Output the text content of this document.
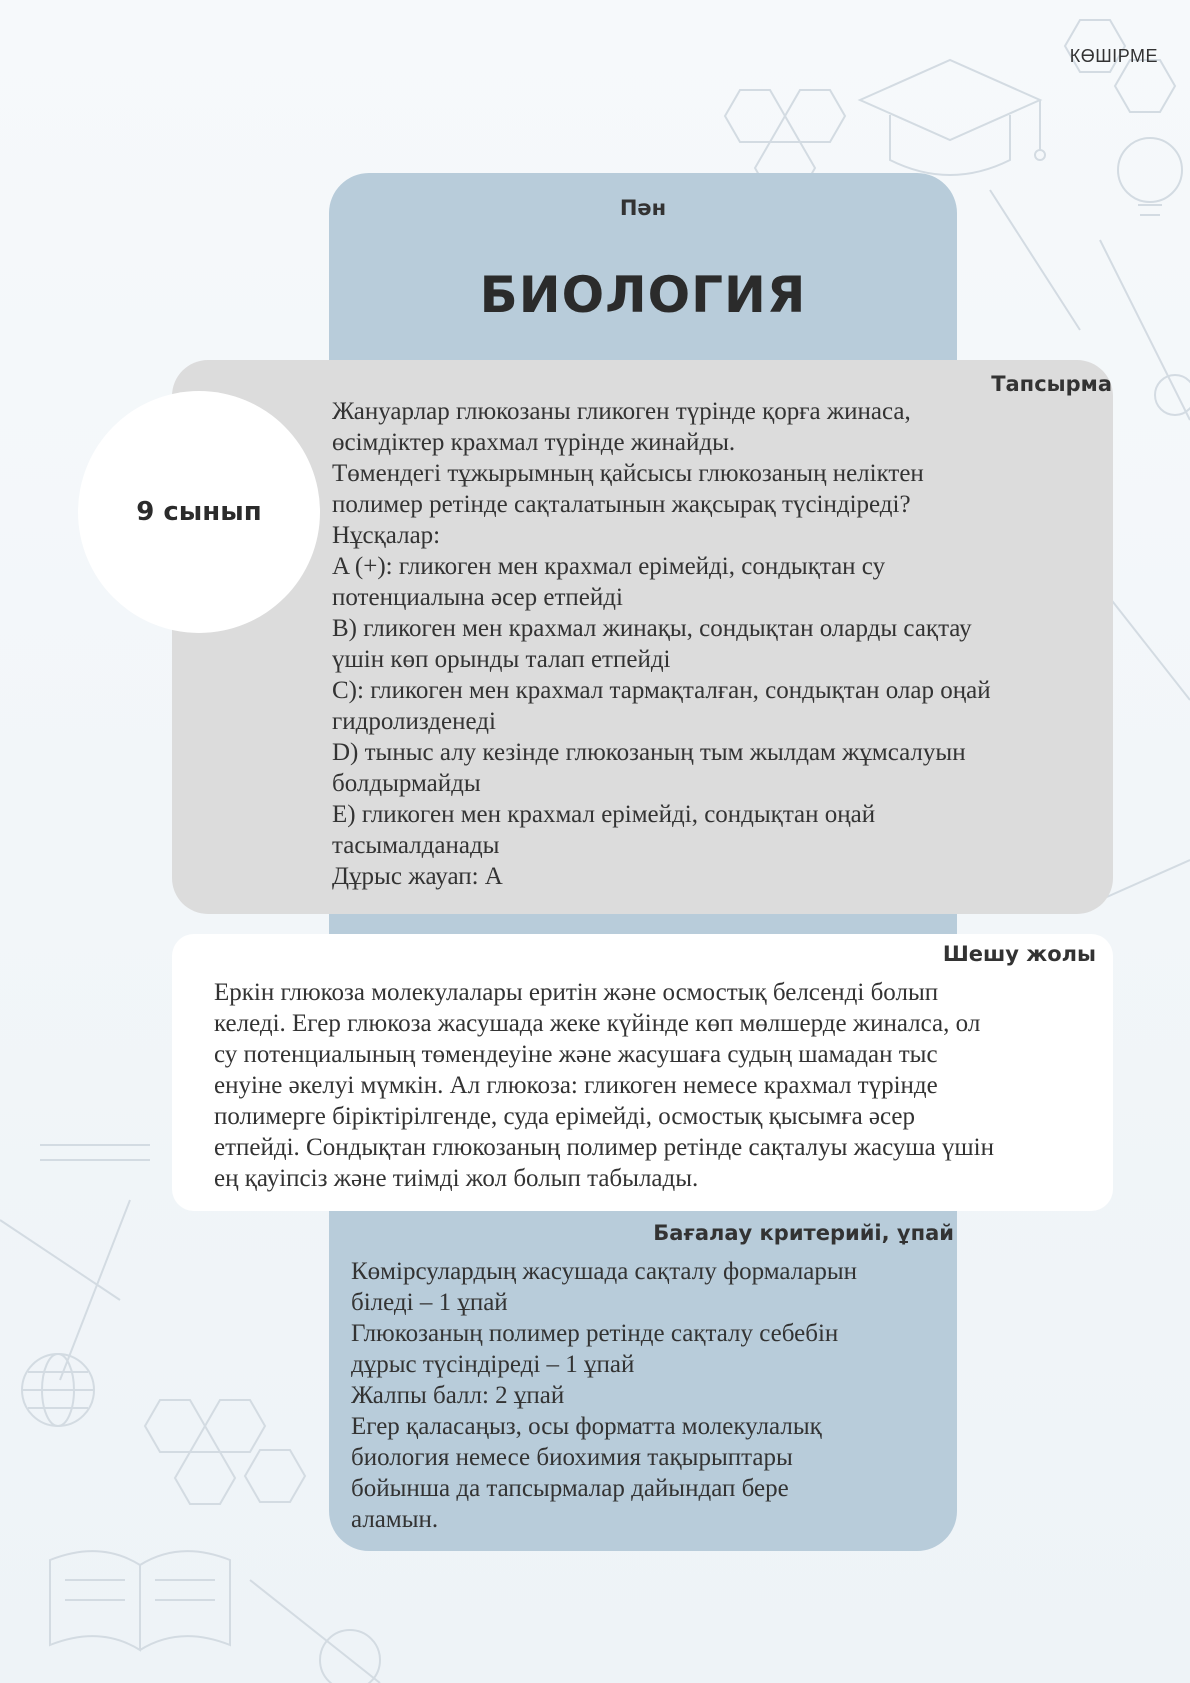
КӨШІРМЕ
Пән
БИОЛОГИЯ
Тапсырма
9 сынып
Жануарлар глюкозаны гликоген түрінде қорға жинаса,
өсімдіктер крахмал түрінде жинайды.
Төмендегі тұжырымның қайсысы глюкозаның неліктен
полимер ретінде сақталатынын жақсырақ түсіндіреді?
Нұсқалар:
A (+): гликоген мен крахмал ерімейді, сондықтан су
потенциалына әсер етпейді
B) гликоген мен крахмал жинақы, сондықтан оларды сақтау
үшін көп орынды талап етпейді
C): гликоген мен крахмал тармақталған, сондықтан олар оңай
гидролизденеді
D) тыныс алу кезінде глюкозаның тым жылдам жұмсалуын
болдырмайды
E) гликоген мен крахмал ерімейді, сондықтан оңай
тасымалданады
Дұрыс жауап: A
Шешу жолы
Еркін глюкоза молекулалары еритін және осмостық белсенді болып
келеді. Егер глюкоза жасушада жеке күйінде көп мөлшерде жиналса, ол
су потенциалының төмендеуіне және жасушаға судың шамадан тыс
енуіне әкелуі мүмкін. Ал глюкоза: гликоген немесе крахмал түрінде
полимерге біріктірілгенде, суда ерімейді, осмостық қысымға әсер
етпейді. Сондықтан глюкозаның полимер ретінде сақталуы жасуша үшін
ең қауіпсіз және тиімді жол болып табылады.
Бағалау критерийі, ұпай
Көмірсулардың жасушада сақталу формаларын
біледі – 1 ұпай
Глюкозаның полимер ретінде сақталу себебін
дұрыс түсіндіреді – 1 ұпай
Жалпы балл: 2 ұпай
Егер қаласаңыз, осы форматта молекулалық
биология немесе биохимия тақырыптары
бойынша да тапсырмалар дайындап бере
аламын.
